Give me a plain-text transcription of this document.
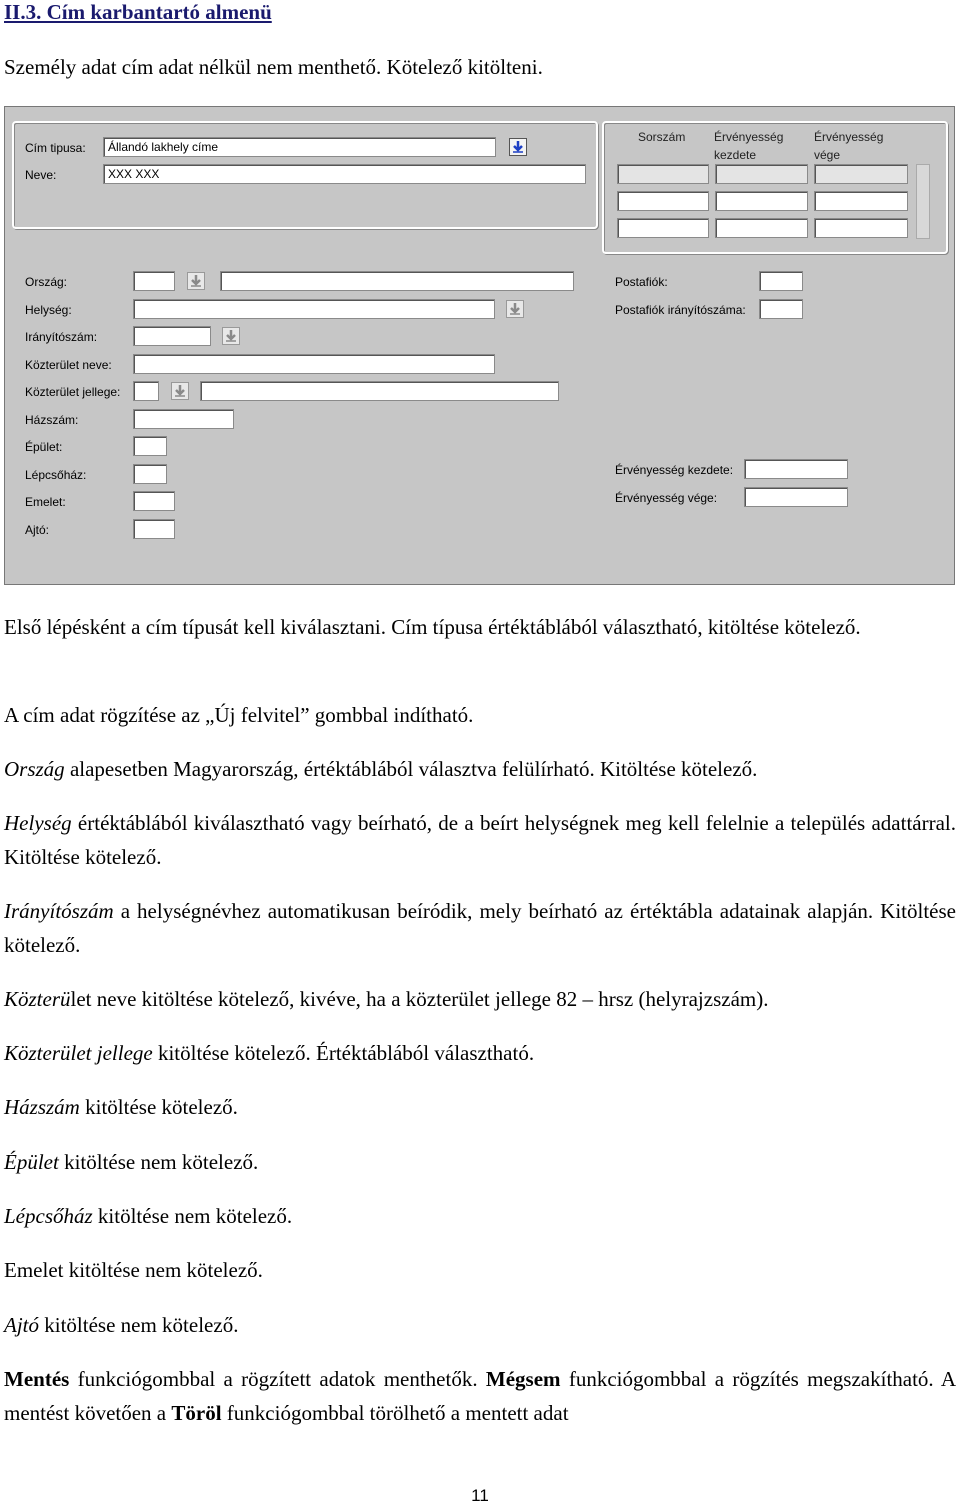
II.3. Cím karbantartó almenü
Személy adat cím adat nélkül nem menthető. Kötelező kitölteni.
Cím tipusa:	Állandó lakhely címe
Neve:	XXX XXX
Sorszám Érvényesség
kezdete
Érvényesség
vége
Ország:
Helység:
Irányítószám:
Közterület neve:
Közterület jellege:
Házszám:
Épület:
Lépcsőház:
Emelet:
Ajtó:
Postafiók:
Postafiók irányítószáma:
Érvényesség kezdete:
Érvényesség vége:
Első lépésként a cím típusát kell kiválasztani. Cím típusa értéktáblából választható, kitöltése kötelező.
A cím adat rögzítése az „Új felvitel” gombbal indítható.
Ország alapesetben Magyarország, értéktáblából választva felülírható. Kitöltése kötelező.
Helység értéktáblából kiválasztható vagy beírható, de a beírt helységnek meg kell felelnie a település adattárral. Kitöltése kötelező.
Irányítószám a helységnévhez automatikusan beíródik, mely beírható az értéktábla adatainak alapján. Kitöltése kötelező.
Közterület neve kitöltése kötelező, kivéve, ha a közterület jellege 82 – hrsz (helyrajzszám).
Közterület jellege kitöltése kötelező. Értéktáblából választható.
Házszám kitöltése kötelező.
Épület kitöltése nem kötelező.
Lépcsőház kitöltése nem kötelező.
Emelet kitöltése nem kötelező.
Ajtó kitöltése nem kötelező.
Mentés funkciógombbal a rögzített adatok menthetők. Mégsem funkciógombbal a rögzítés megszakítható. A mentést követően a Töröl funkciógombbal törölhető a mentett adat
11
